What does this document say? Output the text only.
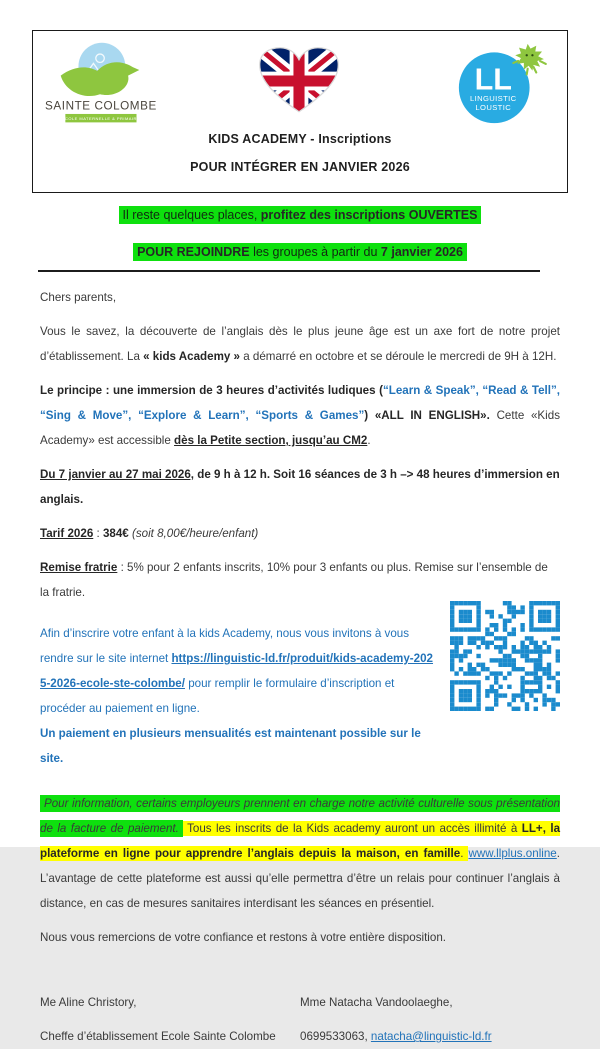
SAINTE COLOMBE
ÉCOLE MATERNELLE & PRIMAIRE
LL
LINGUISTIC
LOUSTIC
KIDS ACADEMY - Inscriptions
POUR INTÉGRER EN JANVIER 2026
Il reste quelques places, profitez des inscriptions OUVERTES
POUR REJOINDRE les groupes à partir du 7 janvier 2026
Chers parents,

Vous le savez, la découverte de l’anglais dès le plus jeune âge est un axe fort de notre projet d’établissement. La « kids Academy » a démarré en octobre et se déroule le mercredi de 9H à 12H.

Le principe : une immersion de 3 heures d’activités ludiques (“Learn & Speak”, “Read & Tell”, “Sing & Move”, “Explore & Learn”, “Sports & Games”) «ALL IN ENGLISH». Cette «Kids Academy» est accessible dès la Petite section, jusqu’au CM2.

Du 7 janvier au 27 mai 2026, de 9 h à 12 h. Soit 16 séances de 3 h –> 48 heures d’immersion en anglais.

Tarif 2026 : 384€ (soit 8,00€/heure/enfant)

Remise fratrie : 5% pour 2 enfants inscrits, 10% pour 3 enfants ou plus. Remise sur l’ensemble de la fratrie.

Afin d’inscrire votre enfant à la kids Academy, nous vous invitons à vous rendre sur le site internet https://linguistic-ld.fr/produit/kids-academy-2025-2026-ecole-ste-colombe/ pour remplir le formulaire d’inscription et procéder au paiement en ligne.
Un paiement en plusieurs mensualités est maintenant possible sur le site.

Pour information, certains employeurs prennent en charge notre activité culturelle sous présentation de la facture de paiement. Tous les inscrits de la Kids academy auront un accès illimité à LL+, la plateforme en ligne pour apprendre l’anglais depuis la maison, en famille. www.llplus.online. L’avantage de cette plateforme est aussi qu’elle permettra d’être un relais pour continuer l’anglais à distance, en cas de mesures sanitaires interdisant les séances en présentiel.

Nous vous remercions de votre confiance et restons à votre entière disposition.

Me Aline Christory,
Cheffe d’établissement Ecole Sainte Colombe
Mme Natacha Vandoolaeghe,
0699533063, natacha@linguistic-ld.fr
